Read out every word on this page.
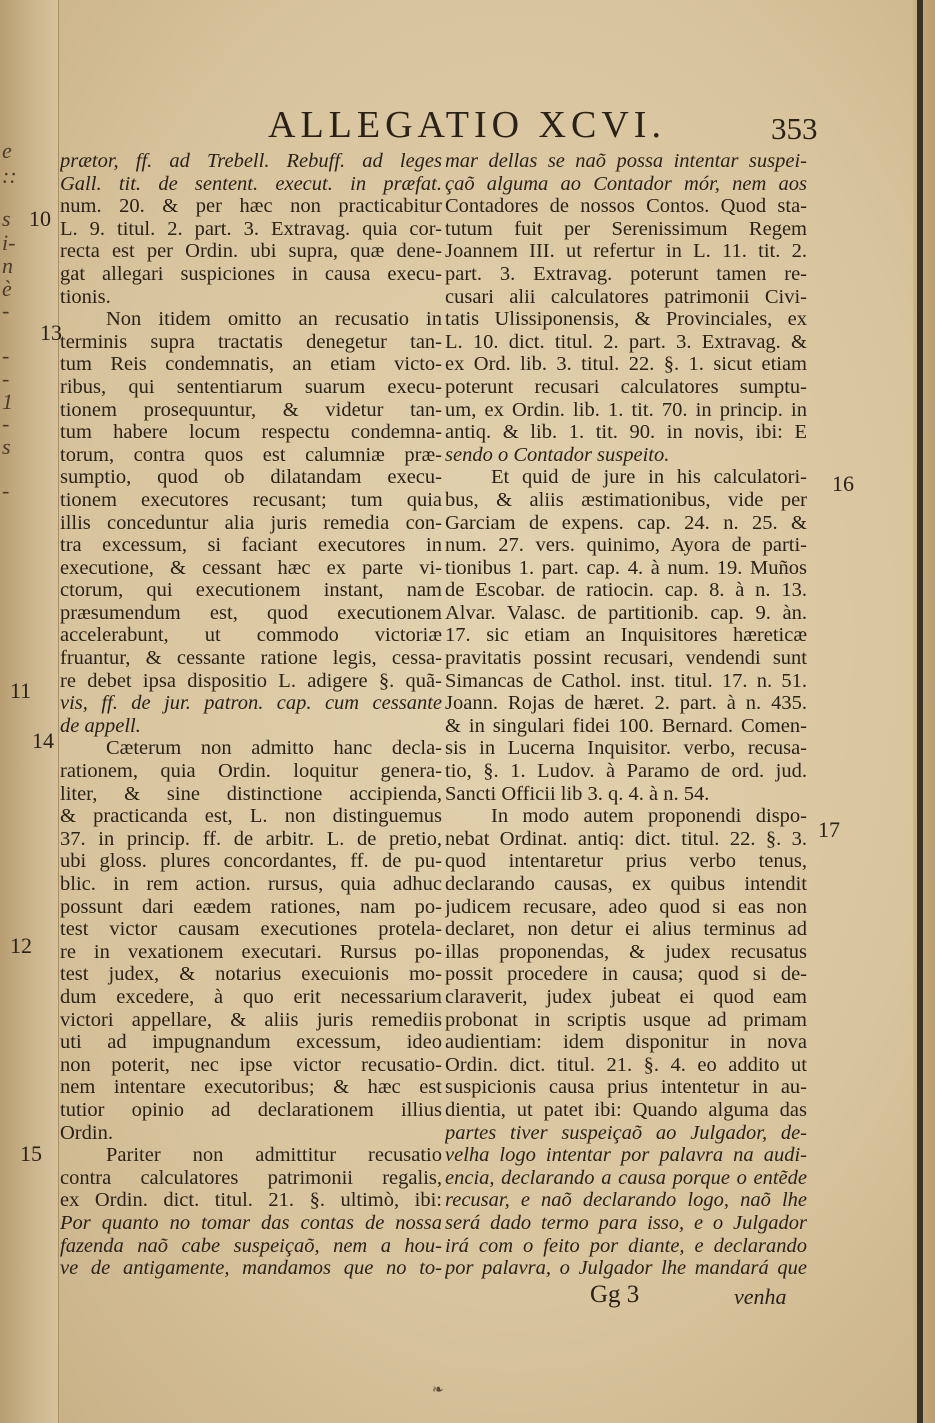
e
::
s
i-
n
è
-
-
-
1
-
s
-
ALLEGATIO XCVI.	353
10
13
11
14
12
15
16
17
prætor, ff. ad Trebell. Rebuff. ad leges
Gall. tit. de sentent. execut. in præfat.
num. 20. & per hæc non practicabitur
L. 9. titul. 2. part. 3. Extravag. quia cor-
recta est per Ordin. ubi supra, quæ dene-
gat allegari suspiciones in causa execu-
tionis.
Non itidem omitto an recusatio in
terminis supra tractatis denegetur tan-
tum Reis condemnatis, an etiam victo-
ribus, qui sententiarum suarum execu-
tionem prosequuntur, & videtur tan-
tum habere locum respectu condemna-
torum, contra quos est calumniæ præ-
sumptio, quod ob dilatandam execu-
tionem executores recusant; tum quia
illis conceduntur alia juris remedia con-
tra excessum, si faciant executores in
executione, & cessant hæc ex parte vi-
ctorum, qui executionem instant, nam
præsumendum est, quod executionem
accelerabunt, ut commodo victoriæ
fruantur, & cessante ratione legis, cessa-
re debet ipsa dispositio L. adigere §. quã-
vis, ff. de jur. patron. cap. cum cessante
de appell.
Cæterum non admitto hanc decla-
rationem, quia Ordin. loquitur genera-
liter, & sine distinctione accipienda,
& practicanda est, L. non distinguemus
37. in princip. ff. de arbitr. L. de pretio,
ubi gloss. plures concordantes, ff. de pu-
blic. in rem action. rursus, quia adhuc
possunt dari eædem rationes, nam po-
test victor causam executiones protela-
re in vexationem executari. Rursus po-
test judex, & notarius execuionis mo-
dum excedere, à quo erit necessarium
victori appellare, & aliis juris remediis
uti ad impugnandum excessum, ideo
non poterit, nec ipse victor recusatio-
nem intentare executoribus; & hæc est
tutior opinio ad declarationem illius
Ordin.
Pariter non admittitur recusatio
contra calculatores patrimonii regalis,
ex Ordin. dict. titul. 21. §. ultimò, ibi:
Por quanto no tomar das contas de nossa
fazenda naõ cabe suspeiçaõ, nem a hou-
ve de antigamente, mandamos que no to-
mar dellas se naõ possa intentar suspei-
çaõ alguma ao Contador mór, nem aos
Contadores de nossos Contos. Quod sta-
tutum fuit per Serenissimum Regem
Joannem III. ut refertur in L. 11. tit. 2.
part. 3. Extravag. poterunt tamen re-
cusari alii calculatores patrimonii Civi-
tatis Ulissiponensis, & Provinciales, ex
L. 10. dict. titul. 2. part. 3. Extravag. &
ex Ord. lib. 3. titul. 22. §. 1. sicut etiam
poterunt recusari calculatores sumptu-
um, ex Ordin. lib. 1. tit. 70. in princip. in
antiq. & lib. 1. tit. 90. in novis, ibi: E
sendo o Contador suspeito.
Et quid de jure in his calculatori-
bus, & aliis æstimationibus, vide per
Garciam de expens. cap. 24. n. 25. &
num. 27. vers. quinimo, Ayora de parti-
tionibus 1. part. cap. 4. à num. 19. Muños
de Escobar. de ratiocin. cap. 8. à n. 13.
Alvar. Valasc. de partitionib. cap. 9. àn.
17. sic etiam an Inquisitores hæreticæ
pravitatis possint recusari, vendendi sunt
Simancas de Cathol. inst. titul. 17. n. 51.
Joann. Rojas de hæret. 2. part. à n. 435.
& in singulari fidei 100. Bernard. Comen-
sis in Lucerna Inquisitor. verbo, recusa-
tio, §. 1. Ludov. à Paramo de ord. jud.
Sancti Officii lib 3. q. 4. à n. 54.
In modo autem proponendi dispo-
nebat Ordinat. antiq: dict. titul. 22. §. 3.
quod intentaretur prius verbo tenus,
declarando causas, ex quibus intendit
judicem recusare, adeo quod si eas non
declaret, non detur ei alius terminus ad
illas proponendas, & judex recusatus
possit procedere in causa; quod si de-
claraverit, judex jubeat ei quod eam
probonat in scriptis usque ad primam
audientiam: idem disponitur in nova
Ordin. dict. titul. 21. §. 4. eo addito ut
suspicionis causa prius intentetur in au-
dientia, ut patet ibi: Quando alguma das
partes tiver suspeiçaõ ao Julgador, de-
velha logo intentar por palavra na audi-
encia, declarando a causa porque o entẽde
recusar, e naõ declarando logo, naõ lhe
será dado termo para isso, e o Julgador
irá com o feito por diante, e declarando
por palavra, o Julgador lhe mandará que
Gg 3	venha
❧
